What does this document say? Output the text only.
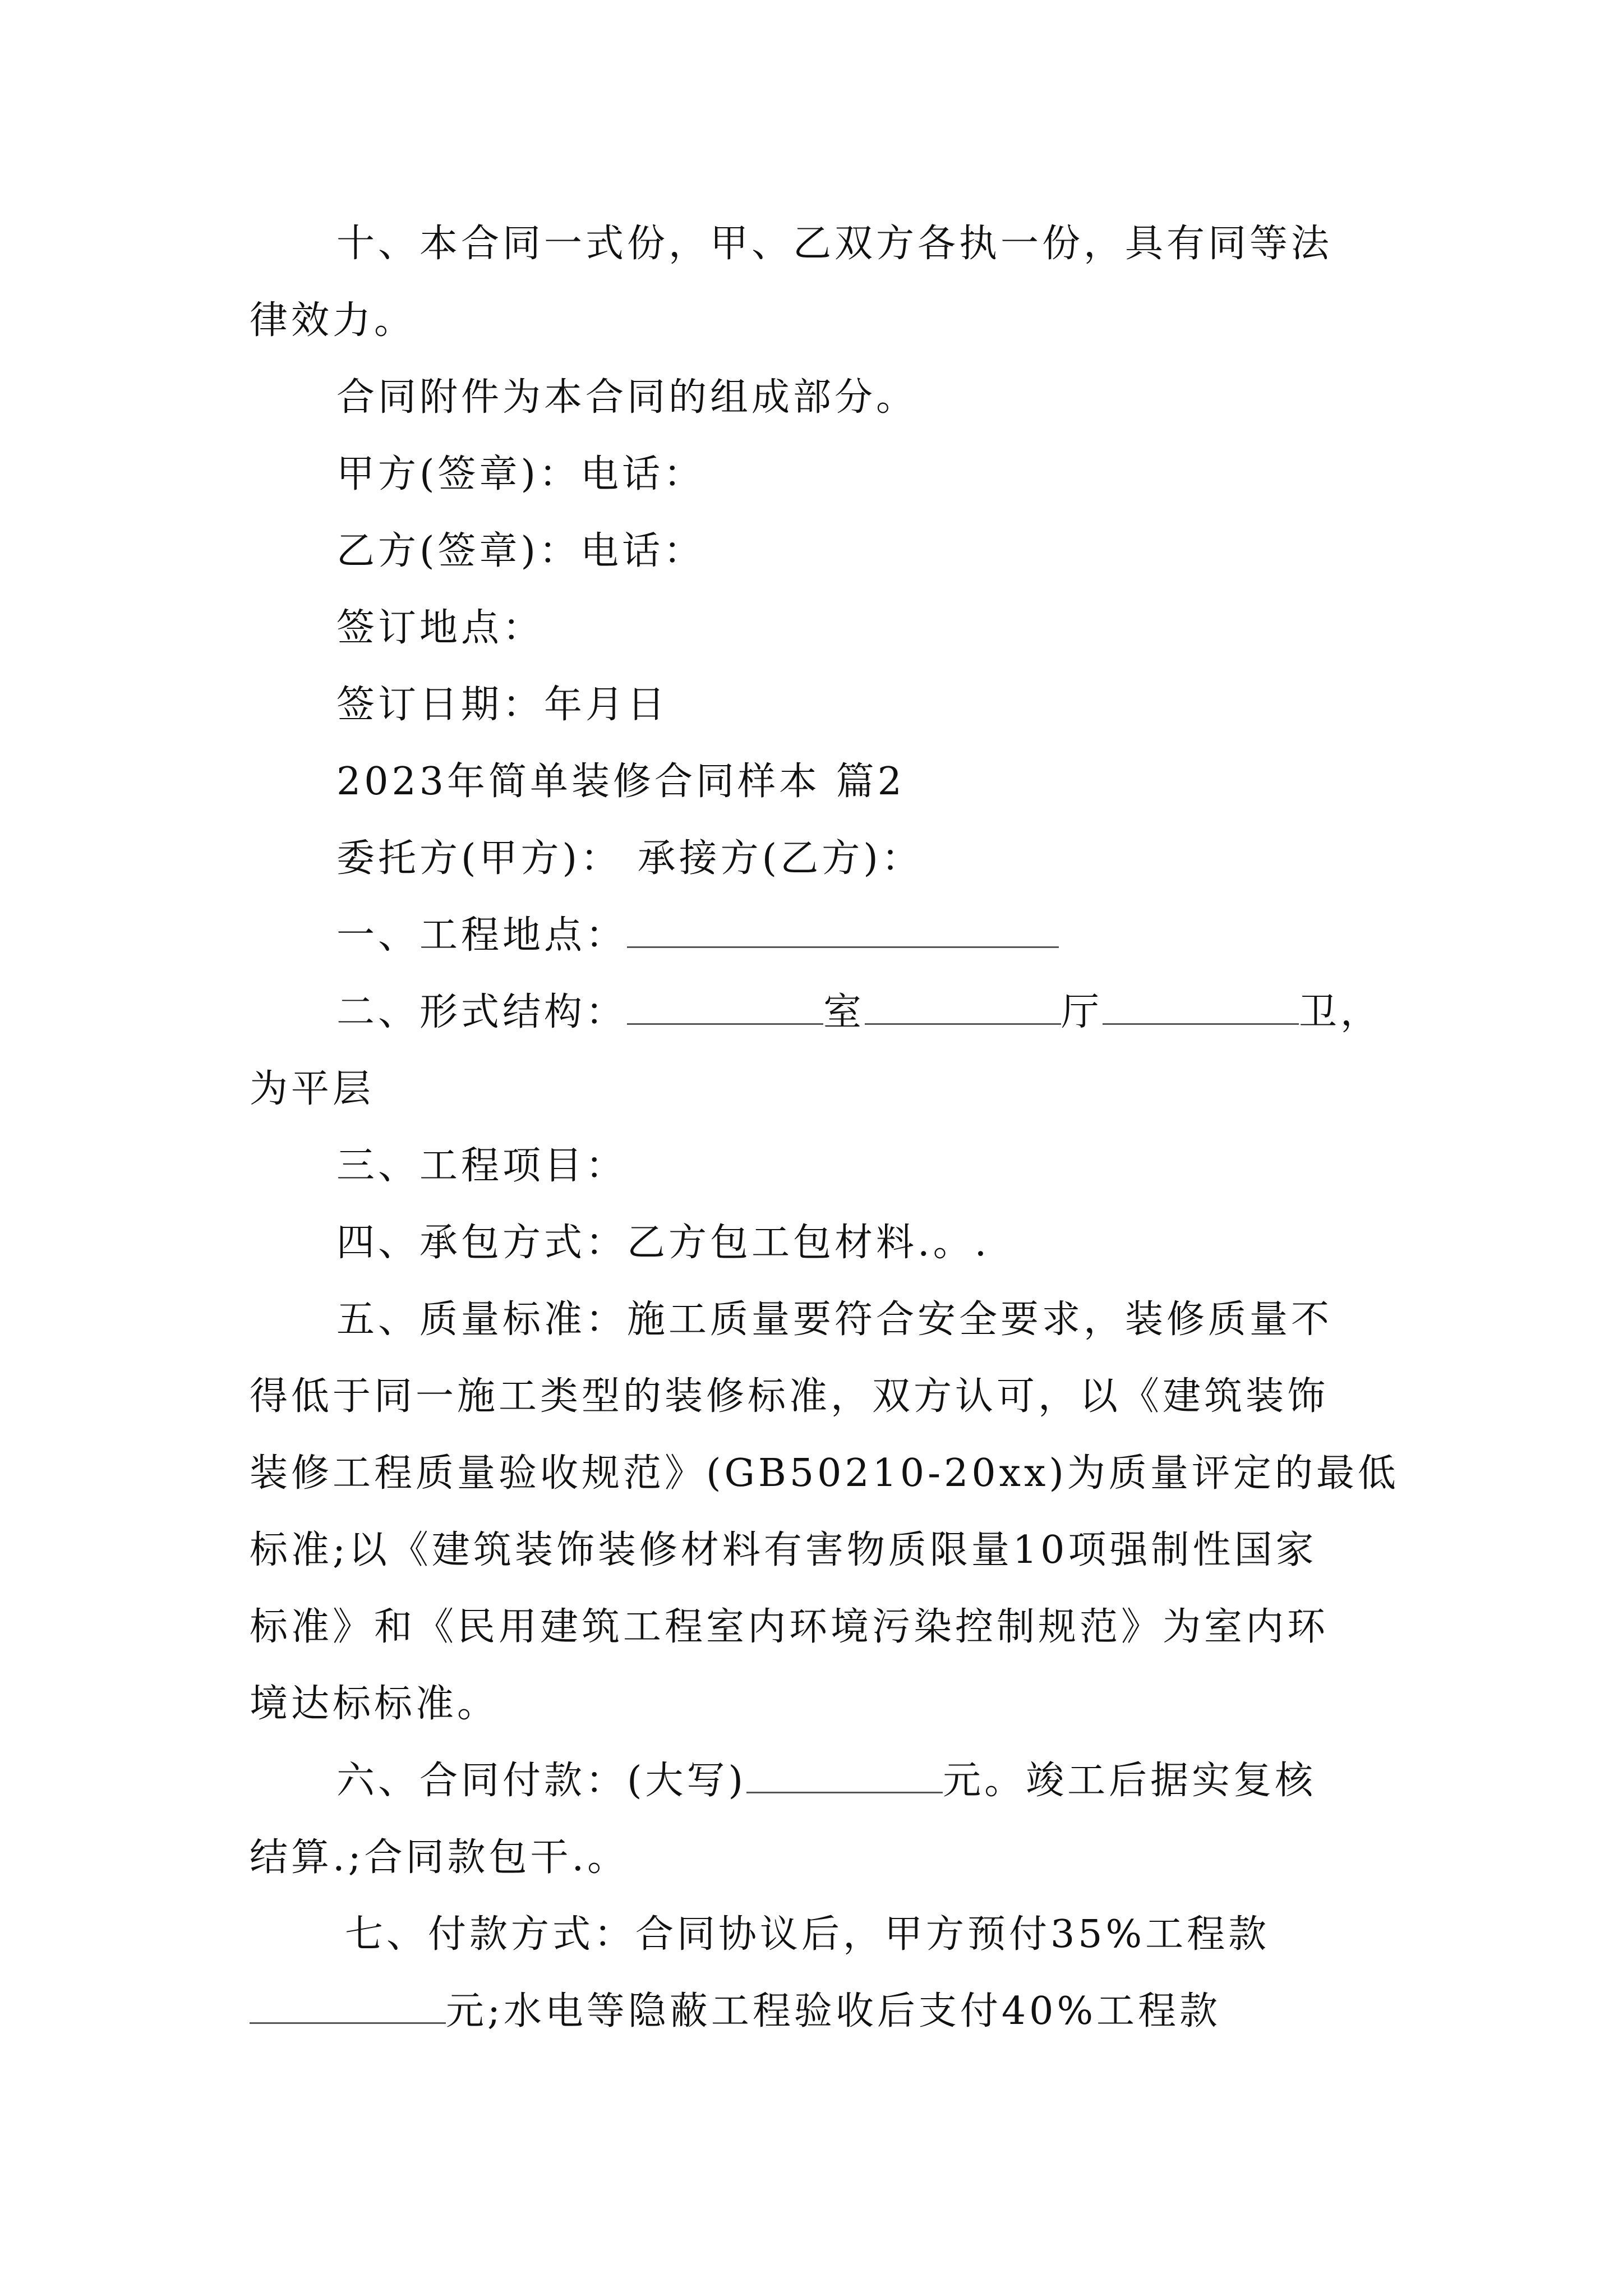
十、本合同一式份，甲、乙双方各执一份，具有同等法
律效力。
合同附件为本合同的组成部分。
甲方(签章)：电话：
乙方(签章)：电话：
签订地点：
签订日期：年月日
2023年简单装修合同样本 篇2
委托方(甲方)： 承接方(乙方)：
一、工程地点：
二、形式结构：	室	厅	卫，
为平层
三、工程项目：
四、承包方式：乙方包工包材料.。.
五、质量标准：施工质量要符合安全要求，装修质量不
得低于同一施工类型的装修标准，双方认可，以《建筑装饰
装修工程质量验收规范》(GB50210-20xx)为质量评定的最低
标准;以《建筑装饰装修材料有害物质限量10项强制性国家
标准》和《民用建筑工程室内环境污染控制规范》为室内环
境达标标准。
六、合同付款：(大写)	元。竣工后据实复核
结算.;合同款包干.。
七、付款方式：合同协议后，甲方预付35%工程款
元;水电等隐蔽工程验收后支付40%工程款
